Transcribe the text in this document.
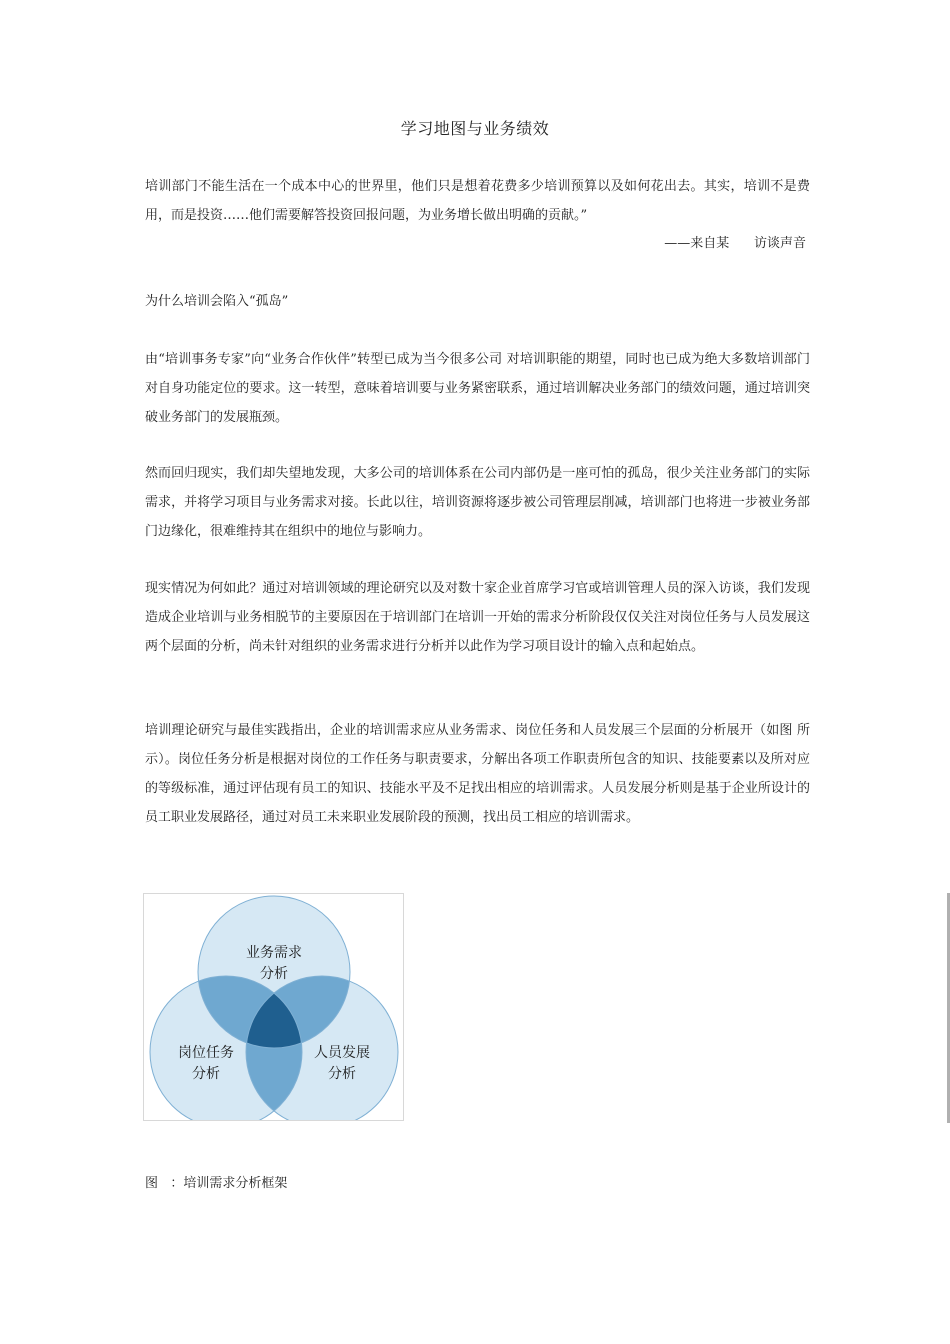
学习地图与业务绩效

培训部门不能生活在一个成本中心的世界里，他们只是想着花费多少培训预算以及如何花出去。其实，培训不是费用，而是投资……他们需要解答投资回报问题，为业务增长做出明确的贡献。”

——来自某      访谈声音
为什么培训会陷入“孤岛”

由“培训事务专家”向“业务合作伙伴”转型已成为当今很多公司 对培训职能的期望，同时也已成为绝大多数培训部门对自身功能定位的要求。这一转型，意味着培训要与业务紧密联系，通过培训解决业务部门的绩效问题，通过培训突破业务部门的发展瓶颈。

然而回归现实，我们却失望地发现，大多公司的培训体系在公司内部仍是一座可怕的孤岛，很少关注业务部门的实际需求，并将学习项目与业务需求对接。长此以往，培训资源将逐步被公司管理层削减，培训部门也将进一步被业务部门边缘化，很难维持其在组织中的地位与影响力。

现实情况为何如此？通过对培训领域的理论研究以及对数十家企业首席学习官或培训管理人员的深入访谈，我们发现造成企业培训与业务相脱节的主要原因在于培训部门在培训一开始的需求分析阶段仅仅关注对岗位任务与人员发展这两个层面的分析，尚未针对组织的业务需求进行分析并以此作为学习项目设计的输入点和起始点。

培训理论研究与最佳实践指出，企业的培训需求应从业务需求、岗位任务和人员发展三个层面的分析展开（如图 所示）。岗位任务分析是根据对岗位的工作任务与职责要求，分解出各项工作职责所包含的知识、技能要素以及所对应的等级标准，通过评估现有员工的知识、技能水平及不足找出相应的培训需求。人员发展分析则是基于企业所设计的员工职业发展路径，通过对员工未来职业发展阶段的预测，找出员工相应的培训需求。

业务需求
分析
岗位任务
分析
人员发展
分析
图   ：培训需求分析框架
